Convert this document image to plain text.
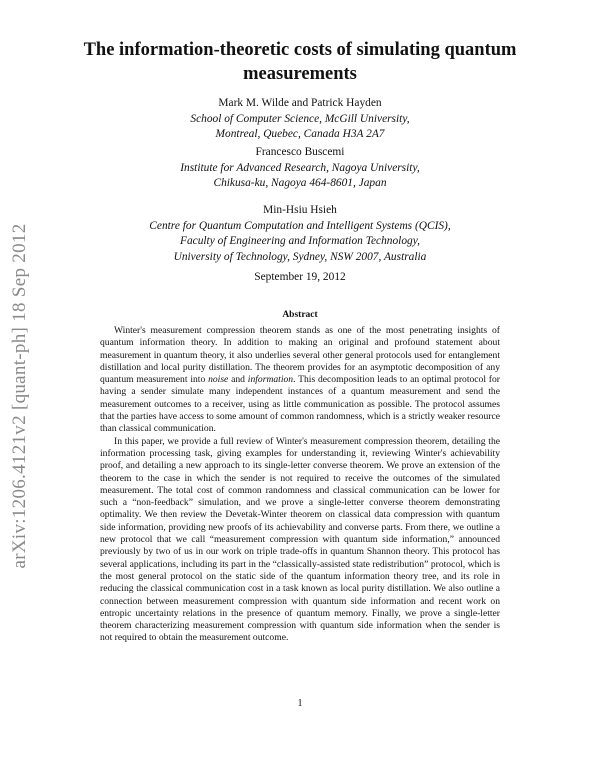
arXiv:1206.4121v2 [quant-ph] 18 Sep 2012
The information-theoretic costs of simulating quantum measurements
Mark M. Wilde and Patrick Hayden
School of Computer Science, McGill University,
Montreal, Quebec, Canada H3A 2A7
Francesco Buscemi
Institute for Advanced Research, Nagoya University,
Chikusa-ku, Nagoya 464-8601, Japan
Min-Hsiu Hsieh
Centre for Quantum Computation and Intelligent Systems (QCIS),
Faculty of Engineering and Information Technology,
University of Technology, Sydney, NSW 2007, Australia
September 19, 2012
Abstract

Winter's measurement compression theorem stands as one of the most penetrating insights of quantum information theory. In addition to making an original and profound statement about measurement in quantum theory, it also underlies several other general protocols used for entanglement distillation and local purity distillation. The theorem provides for an asymptotic decomposition of any quantum measurement into noise and information. This decomposition leads to an optimal protocol for having a sender simulate many independent instances of a quantum measurement and send the measurement outcomes to a receiver, using as little communication as possible. The protocol assumes that the parties have access to some amount of common randomness, which is a strictly weaker resource than classical communication.

In this paper, we provide a full review of Winter's measurement compression theorem, detailing the information processing task, giving examples for understanding it, reviewing Winter's achievability proof, and detailing a new approach to its single-letter converse theorem. We prove an extension of the theorem to the case in which the sender is not required to receive the outcomes of the simulated measurement. The total cost of common randomness and classical communication can be lower for such a “non-feedback” simulation, and we prove a single-letter converse theorem demonstrating optimality. We then review the Devetak-Winter theorem on classical data compression with quantum side information, providing new proofs of its achievability and converse parts. From there, we outline a new protocol that we call “measurement compression with quantum side information,” announced previously by two of us in our work on triple trade-offs in quantum Shannon theory. This protocol has several applications, including its part in the “classically-assisted state redistribution” protocol, which is the most general protocol on the static side of the quantum information theory tree, and its role in reducing the classical communication cost in a task known as local purity distillation. We also outline a connection between measurement compression with quantum side information and recent work on entropic uncertainty relations in the presence of quantum memory. Finally, we prove a single-letter theorem characterizing measurement compression with quantum side information when the sender is not required to obtain the measurement outcome.

1
